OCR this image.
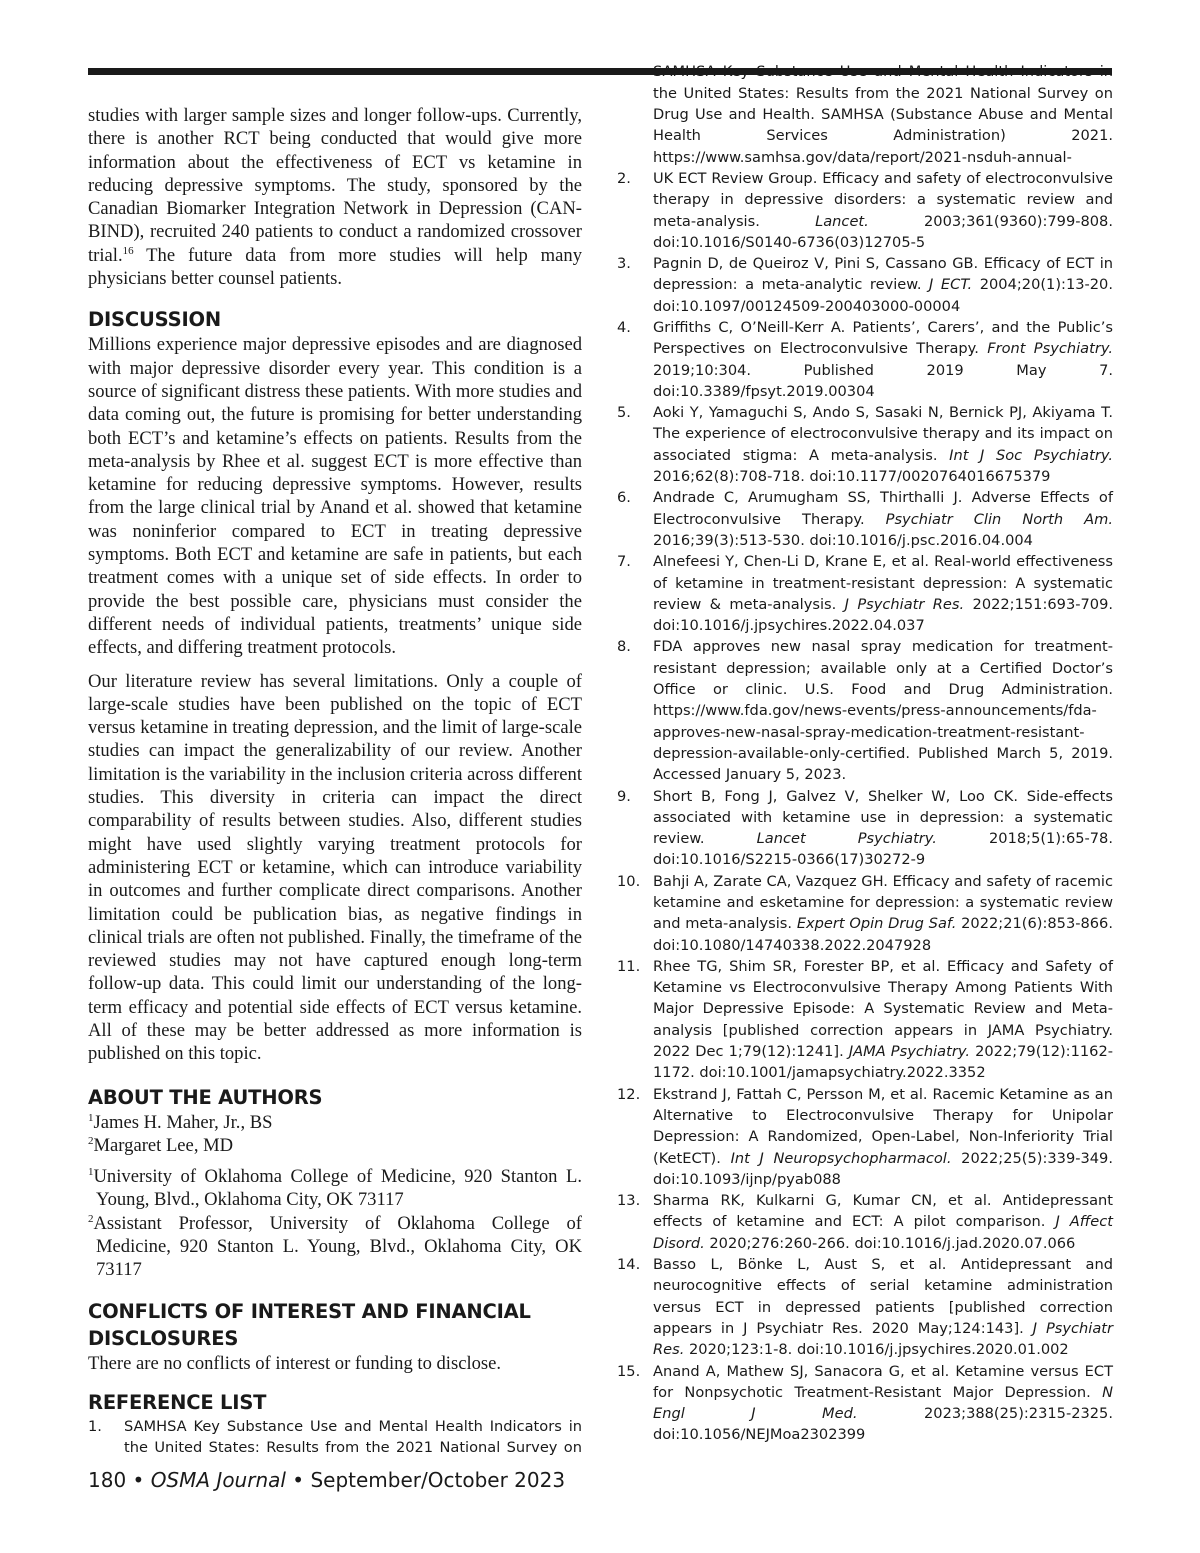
studies with larger sample sizes and longer follow-ups. Currently, there is another RCT being conducted that would give more information about the effectiveness of ECT vs ketamine in reducing depressive symptoms. The study, sponsored by the Canadian Biomarker Integration Network in Depression (CAN-BIND), recruited 240 patients to conduct a randomized crossover trial.$^{16}$ The future data from more studies will help many physicians better counsel patients.

DISCUSSION

Millions experience major depressive episodes and are diagnosed with major depressive disorder every year. This condition is a source of significant distress these patients. With more studies and data coming out, the future is promising for better understanding both ECT’s and ketamine’s effects on patients. Results from the meta-analysis by Rhee et al. suggest ECT is more effective than ketamine for reducing depressive symptoms. However, results from the large clinical trial by Anand et al. showed that ketamine was noninferior compared to ECT in treating depressive symptoms. Both ECT and ketamine are safe in patients, but each treatment comes with a unique set of side effects. In order to provide the best possible care, physicians must consider the different needs of individual patients, treatments’ unique side effects, and differing treatment protocols.

Our literature review has several limitations. Only a couple of large-scale studies have been published on the topic of ECT versus ketamine in treating depression, and the limit of large-scale studies can impact the generalizability of our review. Another limitation is the variability in the inclusion criteria across different studies. This diversity in criteria can impact the direct comparability of results between studies. Also, different studies might have used slightly varying treatment protocols for administering ECT or ketamine, which can introduce variability in outcomes and further complicate direct comparisons. Another limitation could be publication bias, as negative findings in clinical trials are often not published. Finally, the timeframe of the reviewed studies may not have captured enough long-term follow-up data. This could limit our understanding of the long-term efficacy and potential side effects of ECT versus ketamine. All of these may be better addressed as more information is published on this topic.

ABOUT THE AUTHORS

$^1$James H. Maher, Jr., BS

$^2$Margaret Lee, MD

$^1$University of Oklahoma College of Medicine, 920 Stanton L. Young, Blvd., Oklahoma City, OK 73117

$^2$Assistant Professor, University of Oklahoma College of Medicine, 920 Stanton L. Young, Blvd., Oklahoma City, OK 73117

CONFLICTS OF INTEREST AND FINANCIAL
DISCLOSURES

There are no conflicts of interest or funding to disclose.

REFERENCE LIST
1.	SAMHSA Key Substance Use and Mental Health Indicators in the United States: Results from the 2021 National Survey on
SAMHSA Key Substance Use and Mental Health Indicators in the United States: Results from the 2021 National Survey on Drug Use and Health. SAMHSA (Substance Abuse and Mental Health Services Administration) 2021. https://www.samhsa.gov/data/report/2021-nsduh-annual-
2.	UK ECT Review Group. Efficacy and safety of electroconvulsive therapy in depressive disorders: a systematic review and meta-analysis. Lancet. 2003;361(9360):799-808. doi:10.1016/S0140-6736(03)12705-5
3.	Pagnin D, de Queiroz V, Pini S, Cassano GB. Efficacy of ECT in depression: a meta-analytic review. J ECT. 2004;20(1):13-20. doi:10.1097/00124509-200403000-00004
4.	Griffiths C, O’Neill-Kerr A. Patients’, Carers’, and the Public’s Perspectives on Electroconvulsive Therapy. Front Psychiatry. 2019;10:304. Published 2019 May 7. doi:10.3389/fpsyt.2019.00304
5.	Aoki Y, Yamaguchi S, Ando S, Sasaki N, Bernick PJ, Akiyama T. The experience of electroconvulsive therapy and its impact on associated stigma: A meta-analysis. Int J Soc Psychiatry. 2016;62(8):708-718. doi:10.1177/0020764016675379
6.	Andrade C, Arumugham SS, Thirthalli J. Adverse Effects of Electroconvulsive Therapy. Psychiatr Clin North Am. 2016;39(3):513-530. doi:10.1016/j.psc.2016.04.004
7.	Alnefeesi Y, Chen-Li D, Krane E, et al. Real-world effectiveness of ketamine in treatment-resistant depression: A systematic review & meta-analysis. J Psychiatr Res. 2022;151:693-709. doi:10.1016/j.jpsychires.2022.04.037
8.	FDA approves new nasal spray medication for treatment-resistant depression; available only at a Certified Doctor’s Office or clinic. U.S. Food and Drug Administration. https://www.fda.gov/news-events/press-announcements/fda-approves-new-nasal-spray-medication-treatment-resistant-depression-available-only-certified. Published March 5, 2019. Accessed January 5, 2023.
9.	Short B, Fong J, Galvez V, Shelker W, Loo CK. Side-effects associated with ketamine use in depression: a systematic review. Lancet Psychiatry. 2018;5(1):65-78. doi:10.1016/S2215-0366(17)30272-9
10. Bahji A, Zarate CA, Vazquez GH. Efficacy and safety of racemic ketamine and esketamine for depression: a systematic review and meta-analysis. Expert Opin Drug Saf. 2022;21(6):853-866. doi:10.1080/14740338.2022.2047928
11. Rhee TG, Shim SR, Forester BP, et al. Efficacy and Safety of Ketamine vs Electroconvulsive Therapy Among Patients With Major Depressive Episode: A Systematic Review and Meta-analysis [published correction appears in JAMA Psychiatry. 2022 Dec 1;79(12):1241]. JAMA Psychiatry. 2022;79(12):1162-1172. doi:10.1001/jamapsychiatry.2022.3352
12. Ekstrand J, Fattah C, Persson M, et al. Racemic Ketamine as an Alternative to Electroconvulsive Therapy for Unipolar Depression: A Randomized, Open-Label, Non-Inferiority Trial (KetECT). Int J Neuropsychopharmacol. 2022;25(5):339-349. doi:10.1093/ijnp/pyab088
13. Sharma RK, Kulkarni G, Kumar CN, et al. Antidepressant effects of ketamine and ECT: A pilot comparison. J Affect Disord. 2020;276:260-266. doi:10.1016/j.jad.2020.07.066
14. Basso L, Bönke L, Aust S, et al. Antidepressant and neurocognitive effects of serial ketamine administration versus ECT in depressed patients [published correction appears in J Psychiatr Res. 2020 May;124:143]. J Psychiatr Res. 2020;123:1-8. doi:10.1016/j.jpsychires.2020.01.002
15. Anand A, Mathew SJ, Sanacora G, et al. Ketamine versus ECT for Nonpsychotic Treatment-Resistant Major Depression. N Engl J Med. 2023;388(25):2315-2325. doi:10.1056/NEJMoa2302399
180 • OSMA Journal • September/October 2023
